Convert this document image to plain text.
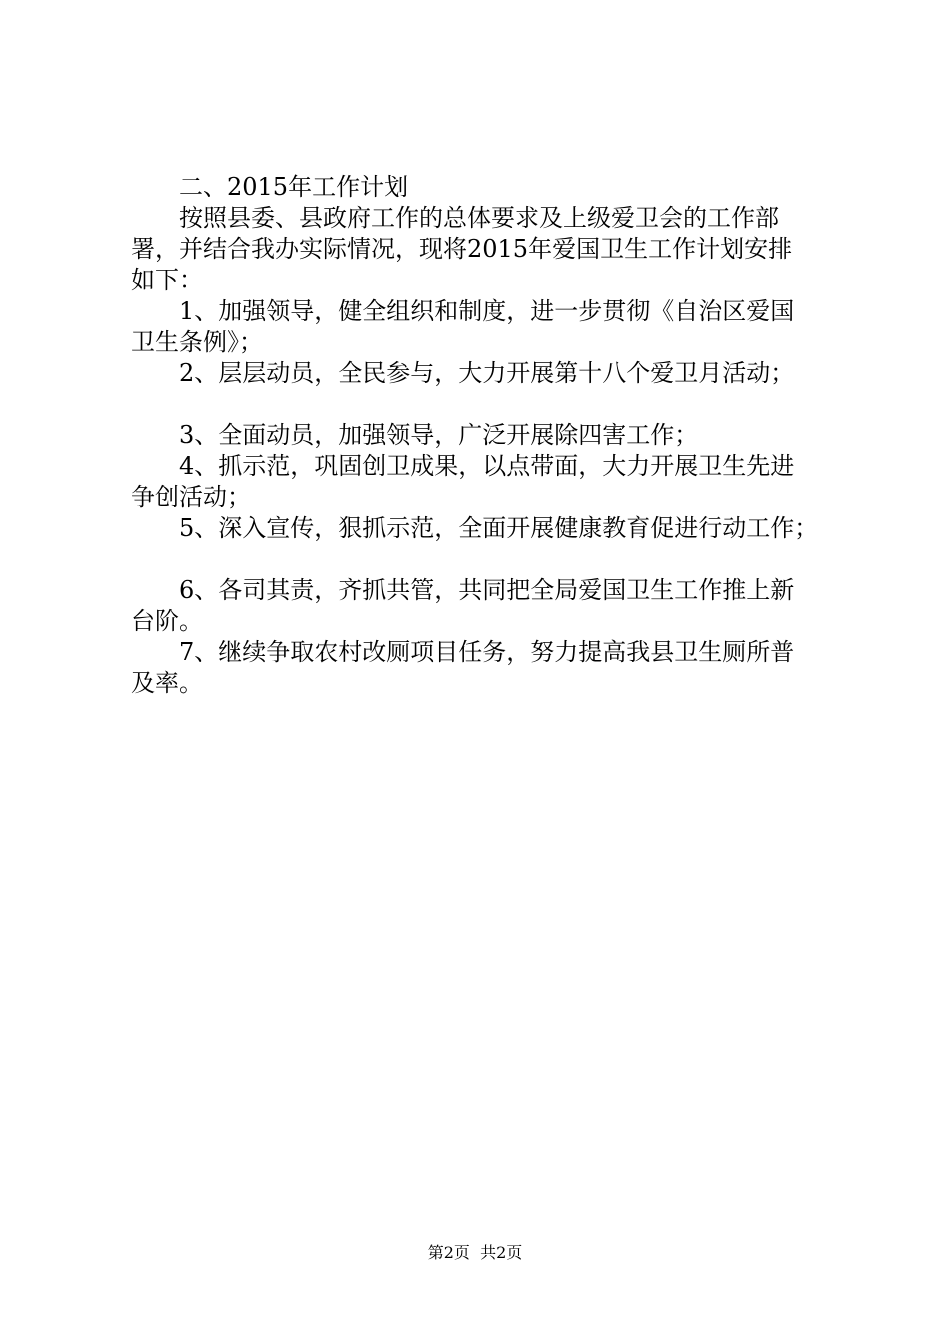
二、2015年工作计划
按照县委、县政府工作的总体要求及上级爱卫会的工作部
署，并结合我办实际情况，现将2015年爱国卫生工作计划安排
如下：
1、加强领导，健全组织和制度，进一步贯彻《自治区爱国
卫生条例》；
2、层层动员，全民参与，大力开展第十八个爱卫月活动；
3、全面动员，加强领导，广泛开展除四害工作；
4、抓示范，巩固创卫成果，以点带面，大力开展卫生先进
争创活动；
5、深入宣传，狠抓示范，全面开展健康教育促进行动工作；
6、各司其责，齐抓共管，共同把全局爱国卫生工作推上新
台阶。
7、继续争取农村改厕项目任务，努力提高我县卫生厕所普
及率。
第2页  共2页
